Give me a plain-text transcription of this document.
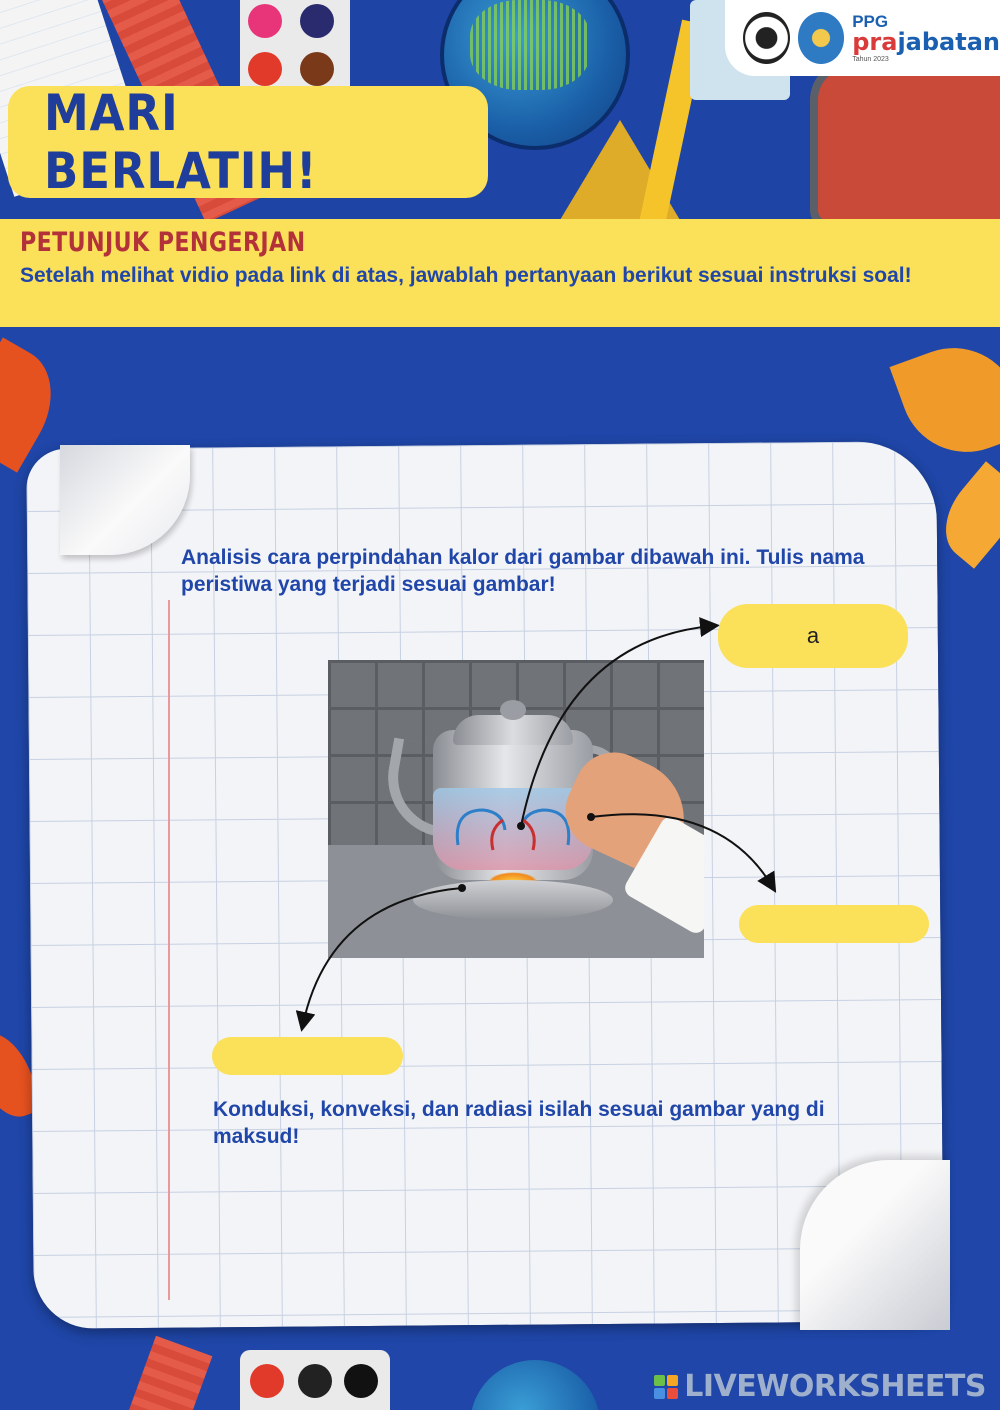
PPG
prajabatan
Tahun 2023
MARI BERLATIH!
PETUNJUK PENGERJAN
Setelah melihat vidio pada link di atas, jawablah pertanyaan berikut sesuai instruksi soal!
Analisis cara perpindahan kalor dari gambar dibawah ini. Tulis nama peristiwa yang terjadi sesuai gambar!
a
Konduksi, konveksi, dan radiasi isilah sesuai gambar yang di maksud!
LIVEWORKSHEETS
